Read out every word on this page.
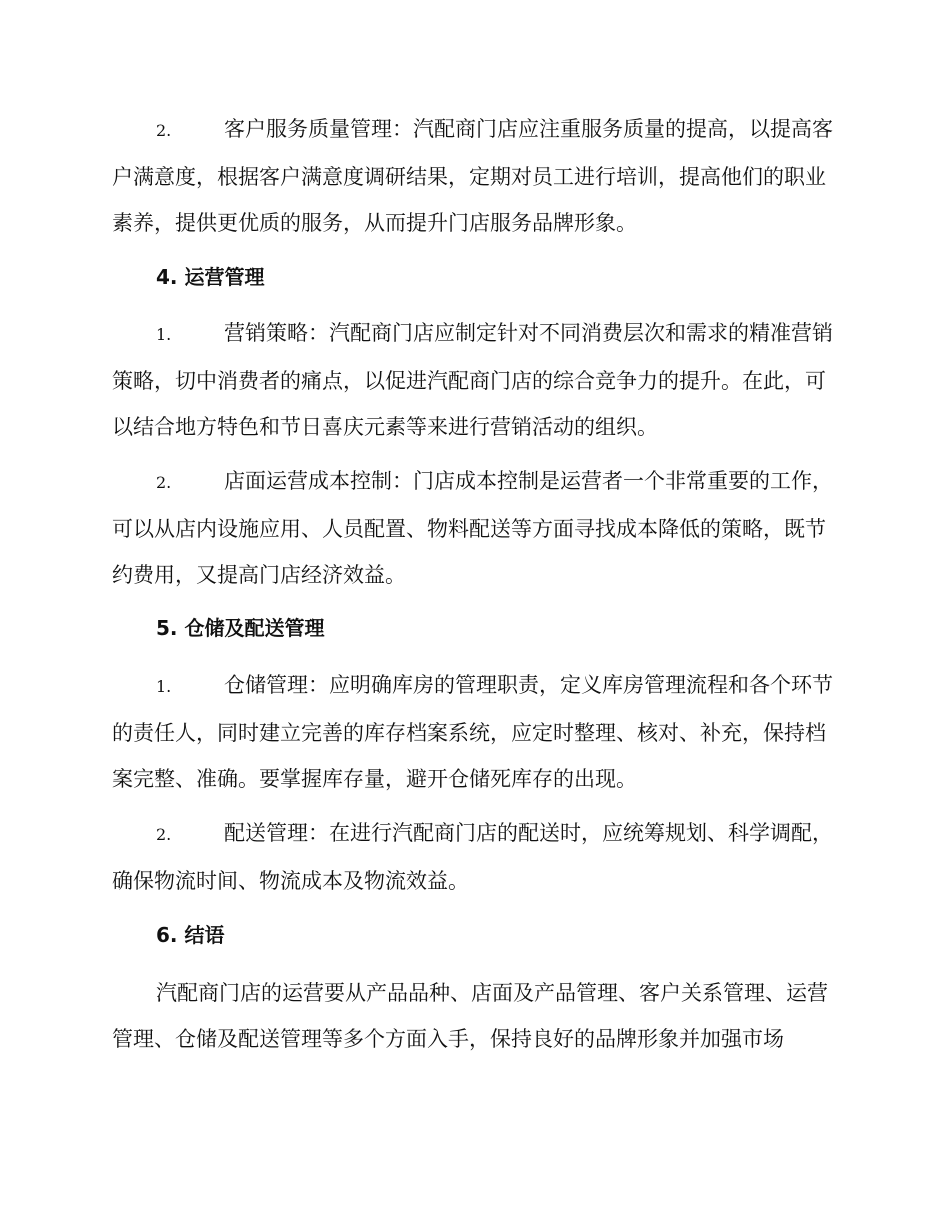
2.	客户服务质量管理：汽配商门店应注重服务质量的提高，以提高客户满意度，根据客户满意度调研结果，定期对员工进行培训，提高他们的职业素养，提供更优质的服务，从而提升门店服务品牌形象。
4. 运营管理
1.	营销策略：汽配商门店应制定针对不同消费层次和需求的精准营销策略，切中消费者的痛点，以促进汽配商门店的综合竞争力的提升。在此，可以结合地方特色和节日喜庆元素等来进行营销活动的组织。
2.	店面运营成本控制：门店成本控制是运营者一个非常重要的工作，可以从店内设施应用、人员配置、物料配送等方面寻找成本降低的策略，既节约费用，又提高门店经济效益。
5. 仓储及配送管理
1.	仓储管理：应明确库房的管理职责，定义库房管理流程和各个环节的责任人，同时建立完善的库存档案系统，应定时整理、核对、补充，保持档案完整、准确。要掌握库存量，避开仓储死库存的出现。
2.	配送管理：在进行汽配商门店的配送时，应统筹规划、科学调配，确保物流时间、物流成本及物流效益。
6. 结语
汽配商门店的运营要从产品品种、店面及产品管理、客户关系管理、运营管理、仓储及配送管理等多个方面入手，保持良好的品牌形象并加强市场
